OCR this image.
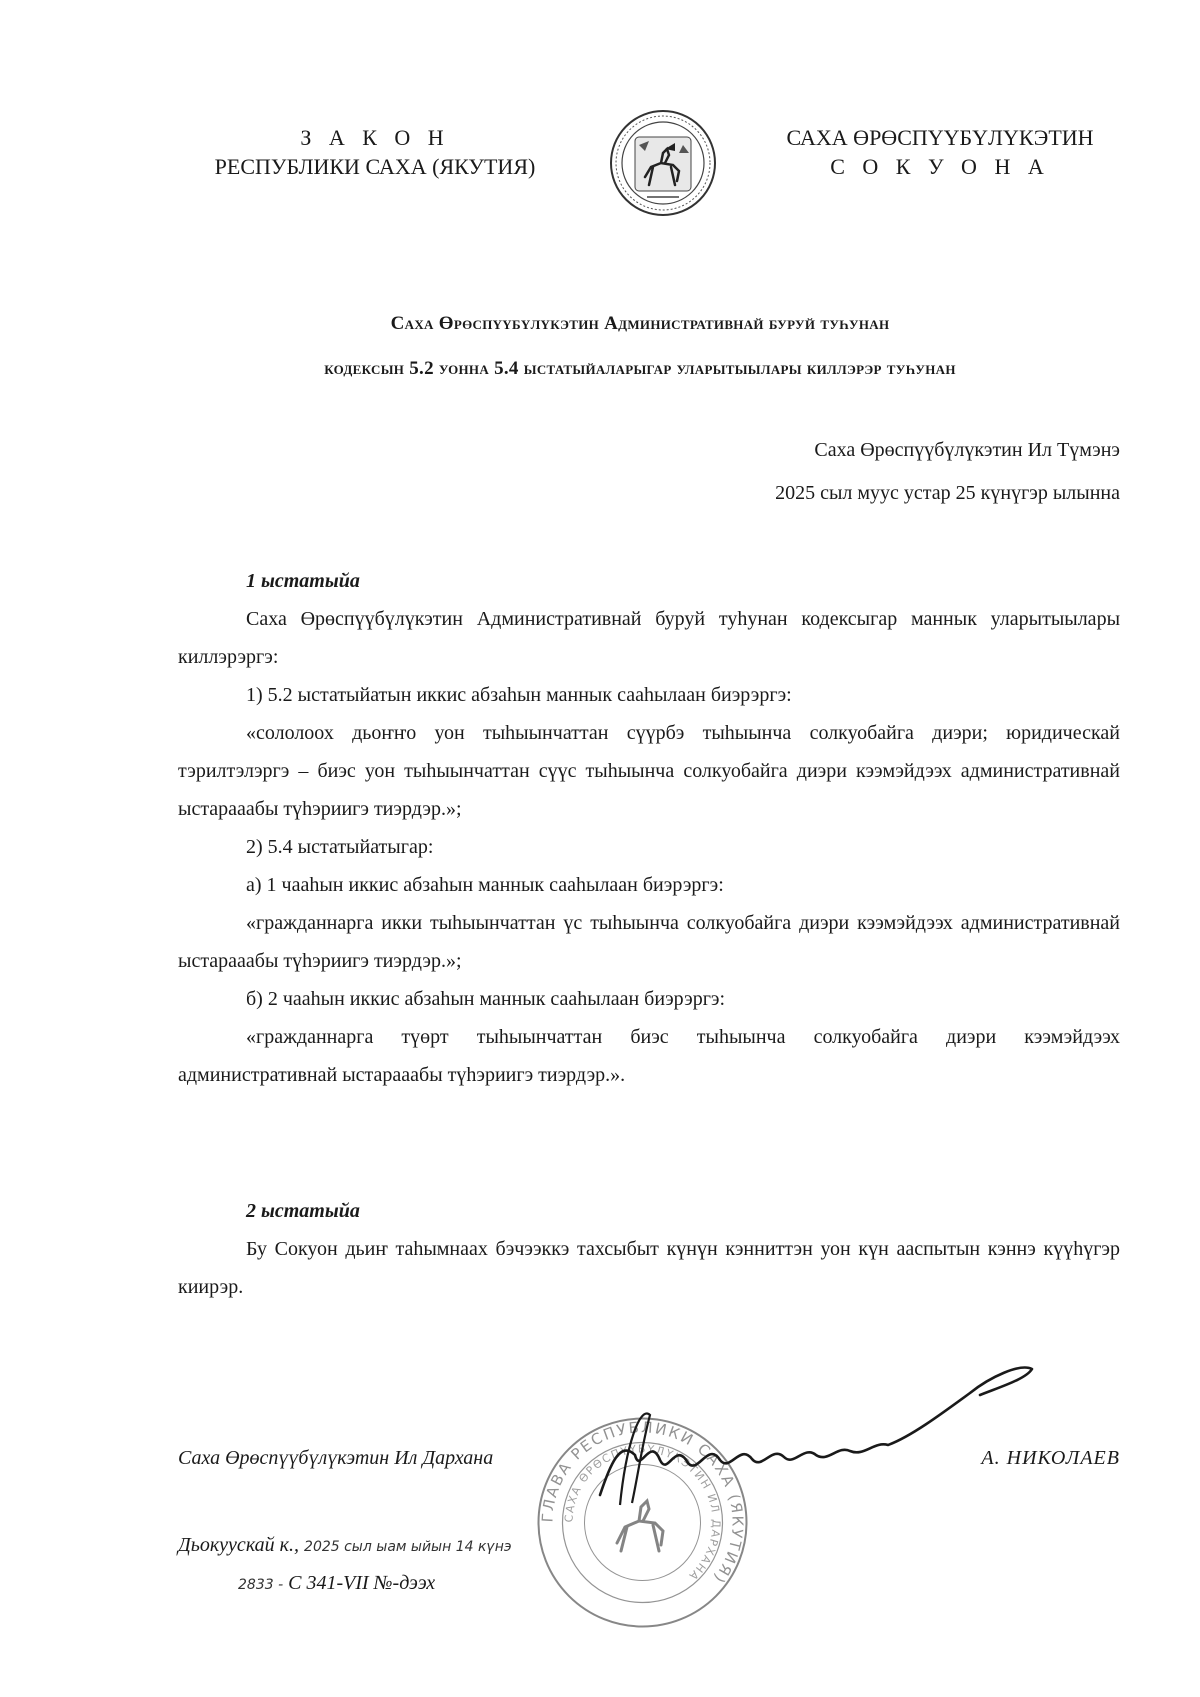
З А К О Н
РЕСПУБЛИКИ САХА (ЯКУТИЯ)
САХА ӨРӨСПҮҮБҮЛҮКЭТИН
С О К У О Н А
Саха Өрөспүүбүлүкэтин Административнай буруй туһунан
кодексын 5.2 уонна 5.4 ыстатыйаларыгар уларытыылары киллэрэр туһунан
Саха Өрөспүүбүлүкэтин Ил Түмэнэ
2025 сыл муус устар 25 күнүгэр ылынна
1 ыстатыйа

Саха Өрөспүүбүлүкэтин Административнай буруй туһунан кодексыгар маннык уларытыылары киллэрэргэ:

1) 5.2 ыстатыйатын иккис абзаһын маннык сааһылаан биэрэргэ:

«сололоох дьоҥҥо уон тыһыынчаттан сүүрбэ тыһыынча солкуобайга диэри; юридическай тэрилтэлэргэ – биэс уон тыһыынчаттан сүүс тыһыынча солкуобайга диэри кээмэйдээх административнай ыстарааабы түһэриигэ тиэрдэр.»;

2) 5.4 ыстатыйатыгар:

а) 1 чааһын иккис абзаһын маннык сааһылаан биэрэргэ:

«гражданнарга икки тыһыынчаттан үс тыһыынча солкуобайга диэри кээмэйдээх административнай ыстарааабы түһэриигэ тиэрдэр.»;

б) 2 чааһын иккис абзаһын маннык сааһылаан биэрэргэ:

«гражданнарга түөрт тыһыынчаттан биэс тыһыынча солкуобайга диэри кээмэйдээх административнай ыстарааабы түһэриигэ тиэрдэр.».

2 ыстатыйа

Бу Сокуон дьиҥ таһымнаах бэчээккэ тахсыбыт күнүн кэнниттэн уон күн ааспытын кэннэ күүһүгэр киирэр.

ГЛАВА РЕСПУБЛИКИ САХА (ЯКУТИЯ)
САХА ӨРӨСПҮҮБҮЛҮКЭТИН ИЛ ДАРХАНА
Саха Өрөспүүбүлүкэтин Ил Дархана	А. НИКОЛАЕВ
Дьокуускай к., 2025 сыл ыам ыйын 14 күнэ
2833 - С 341-VII №-дээх
